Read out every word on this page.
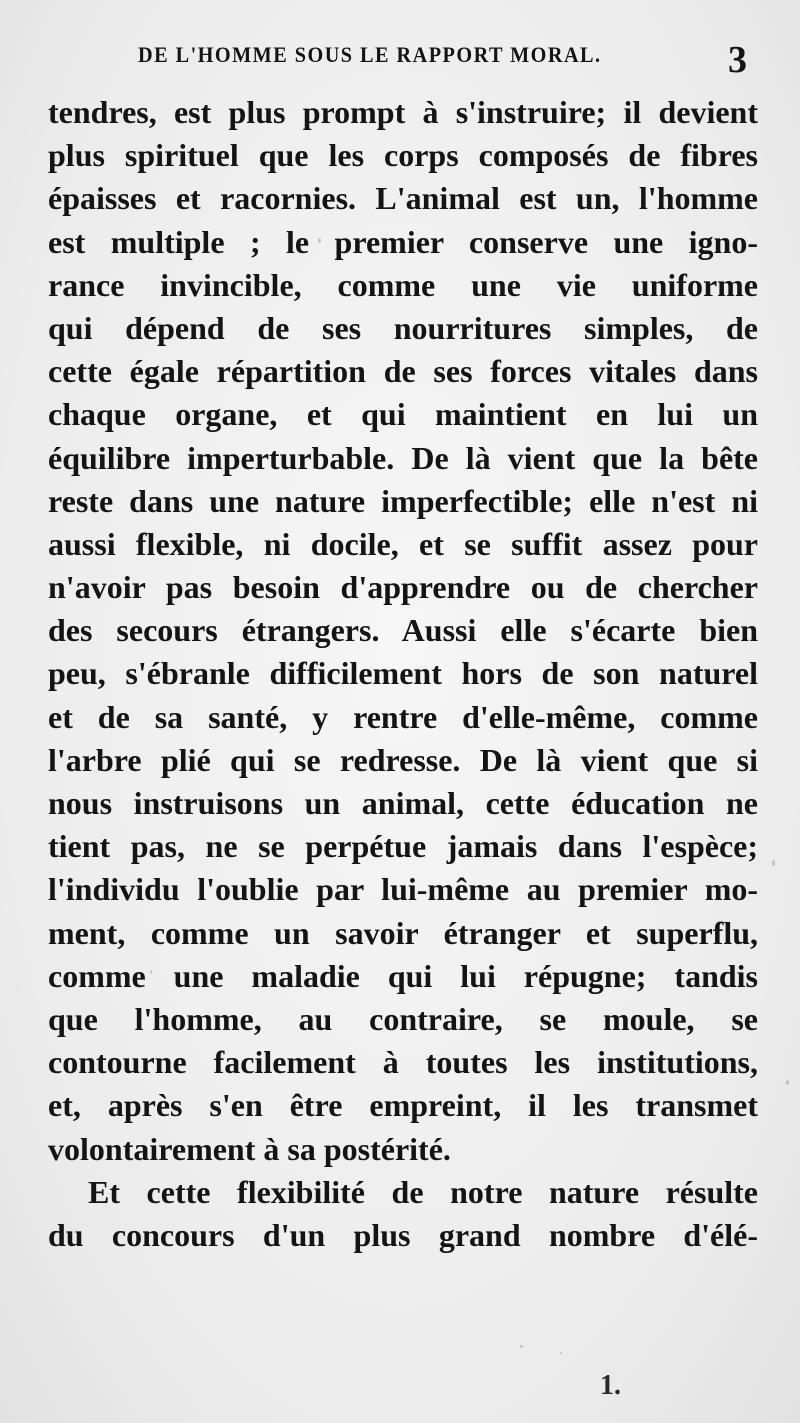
DE L'HOMME SOUS LE RAPPORT MORAL.	3
tendres, est plus prompt à s'instruire; il devient
plus spirituel que les corps composés de fibres
épaisses et racornies. L'animal est un, l'homme
est multiple ; le premier conserve une igno-
rance invincible, comme une vie uniforme
qui dépend de ses nourritures simples, de
cette égale répartition de ses forces vitales dans
chaque organe, et qui maintient en lui un
équilibre imperturbable. De là vient que la bête
reste dans une nature imperfectible; elle n'est ni
aussi flexible, ni docile, et se suffit assez pour
n'avoir pas besoin d'apprendre ou de chercher
des secours étrangers. Aussi elle s'écarte bien
peu, s'ébranle difficilement hors de son naturel
et de sa santé, y rentre d'elle-même, comme
l'arbre plié qui se redresse. De là vient que si
nous instruisons un animal, cette éducation ne
tient pas, ne se perpétue jamais dans l'espèce;
l'individu l'oublie par lui-même au premier mo-
ment, comme un savoir étranger et superflu,
comme une maladie qui lui répugne; tandis
que l'homme, au contraire, se moule, se
contourne facilement à toutes les institutions,
et, après s'en être empreint, il les transmet
volontairement à sa postérité.
Et cette flexibilité de notre nature résulte
du concours d'un plus grand nombre d'élé-
1.
